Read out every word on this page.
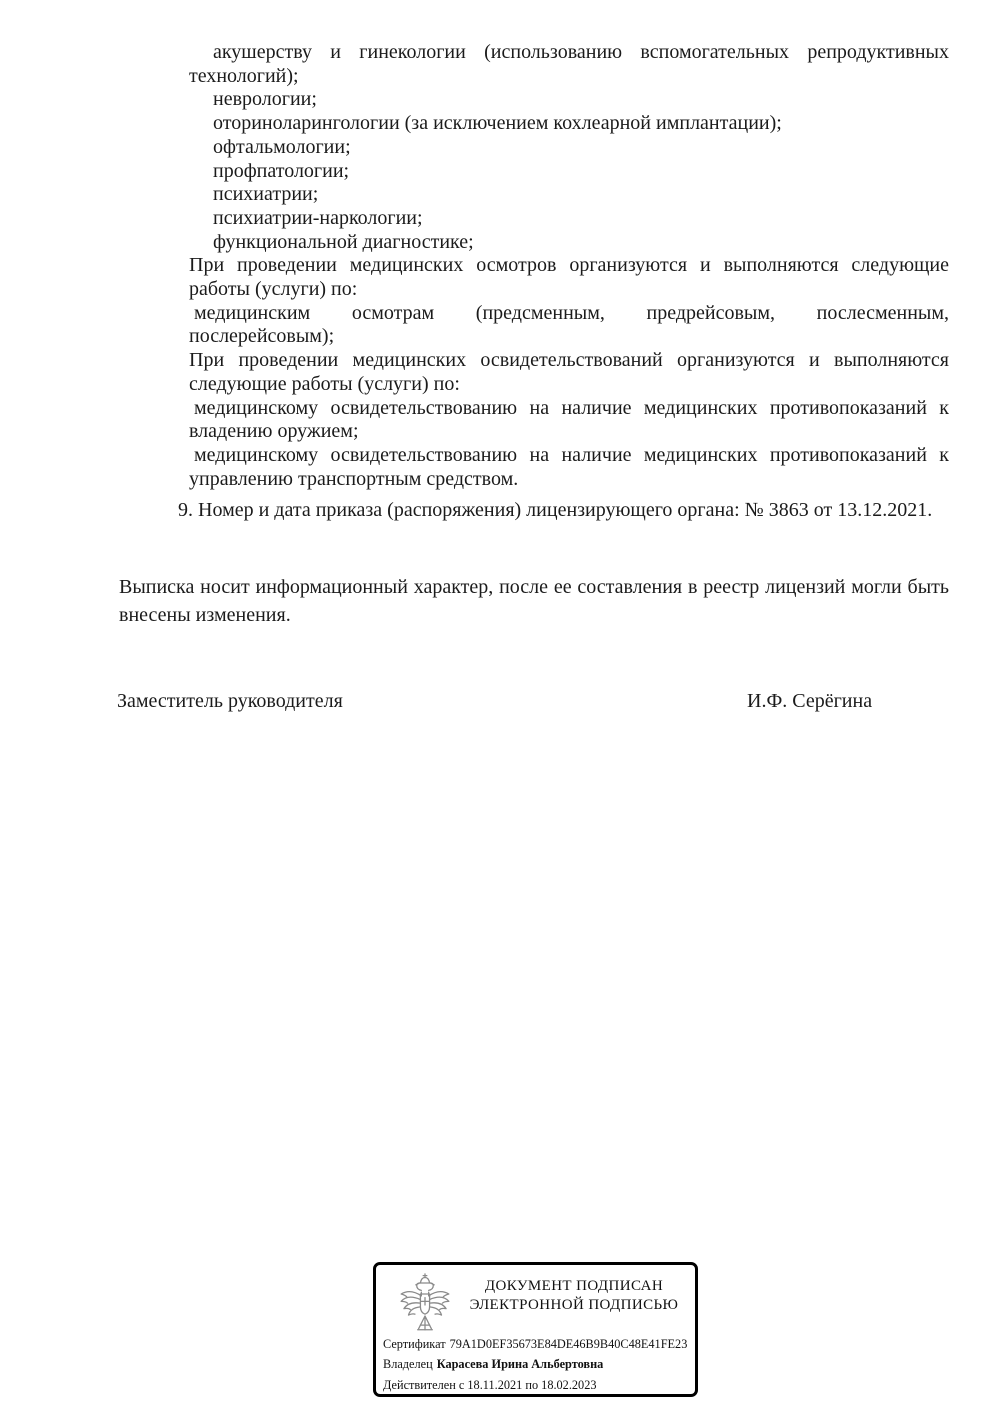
акушерству и гинекологии (использованию вспомогательных репродуктивных
технологий);
неврологии;
оториноларингологии (за исключением кохлеарной имплантации);
офтальмологии;
профпатологии;
психиатрии;
психиатрии-наркологии;
функциональной диагностике;
При проведении медицинских осмотров организуются и выполняются следующие
работы (услуги) по:
медицинским осмотрам (предсменным, предрейсовым, послесменным,
послерейсовым);
При проведении медицинских освидетельствований организуются и выполняются
следующие работы (услуги) по:
медицинскому освидетельствованию на наличие медицинских противопоказаний к
владению оружием;
медицинскому освидетельствованию на наличие медицинских противопоказаний к
управлению транспортным средством.
9. Номер и дата приказа (распоряжения) лицензирующего органа: № 3863 от 13.12.2021.
Выписка носит информационный характер, после ее составления в реестр лицензий могли быть
внесены изменения.
Заместитель руководителя	И.Ф. Серёгина
ДОКУМЕНТ ПОДПИСАН
ЭЛЕКТРОННОЙ ПОДПИСЬЮ
Сертификат 79A1D0EF35673E84DE46B9B40C48E41FE23
Владелец Карасева Ирина Альбертовна
Действителен с 18.11.2021 по 18.02.2023
